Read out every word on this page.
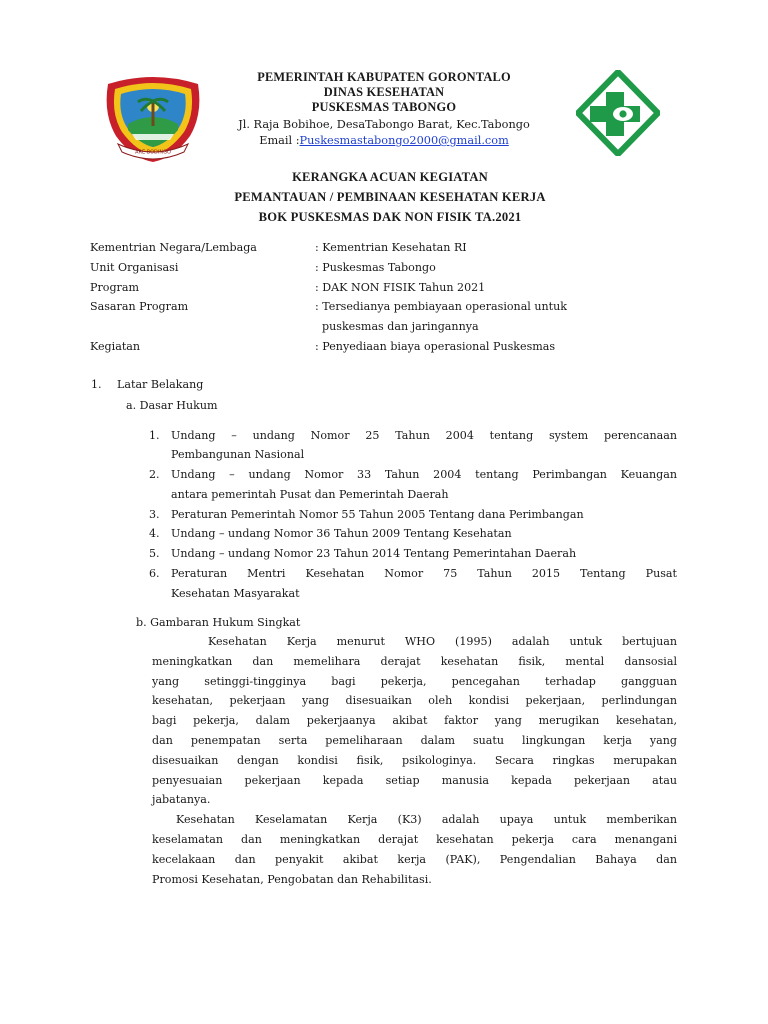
ARE BODINGO
PEMERINTAH KABUPATEN GORONTALO
DINAS KESEHATAN
PUSKESMAS TABONGO
Jl. Raja Bobihoe, DesaTabongo Barat, Kec.Tabongo
Email :Puskesmastabongo2000@gmail.com
KERANGKA ACUAN KEGIATAN
PEMANTAUAN / PEMBINAAN KESEHATAN KERJA
BOK PUSKESMAS DAK NON FISIK TA.2021
Kementrian Negara/Lembaga	: Kementrian Kesehatan RI
Unit Organisasi	: Puskesmas Tabongo
Program	: DAK NON FISIK Tahun 2021
Sasaran Program	: Tersedianya pembiayaan operasional untuk
puskesmas dan jaringannya
Kegiatan	: Penyediaan biaya operasional Puskesmas
1. Latar Belakang
a. Dasar Hukum
1. Undang – undang Nomor 25 Tahun 2004 tentang system perencanaan
Pembangunan Nasional
2. Undang – undang Nomor 33 Tahun 2004 tentang Perimbangan Keuangan
antara pemerintah Pusat dan Pemerintah Daerah
3. Peraturan Pemerintah Nomor 55 Tahun 2005 Tentang dana Perimbangan
4. Undang – undang Nomor 36 Tahun 2009 Tentang Kesehatan
5. Undang – undang Nomor 23 Tahun 2014 Tentang Pemerintahan Daerah
6. Peraturan Mentri Kesehatan Nomor 75 Tahun 2015 Tentang Pusat
Kesehatan Masyarakat
b. Gambaran Hukum Singkat
Kesehatan Kerja menurut WHO (1995) adalah untuk bertujuan
meningkatkan dan memelihara derajat kesehatan fisik, mental dansosial
yang setinggi-tingginya bagi pekerja, pencegahan terhadap gangguan
kesehatan, pekerjaan yang disesuaikan oleh kondisi pekerjaan, perlindungan
bagi pekerja, dalam pekerjaanya akibat faktor yang merugikan kesehatan,
dan penempatan serta pemeliharaan dalam suatu lingkungan kerja yang
disesuaikan dengan kondisi fisik, psikologinya. Secara ringkas merupakan
penyesuaian pekerjaan kepada setiap manusia kepada pekerjaan atau
jabatanya.
Kesehatan Keselamatan Kerja (K3) adalah upaya untuk memberikan
keselamatan dan meningkatkan derajat kesehatan pekerja cara menangani
kecelakaan dan penyakit akibat kerja (PAK), Pengendalian Bahaya dan
Promosi Kesehatan, Pengobatan dan Rehabilitasi.
